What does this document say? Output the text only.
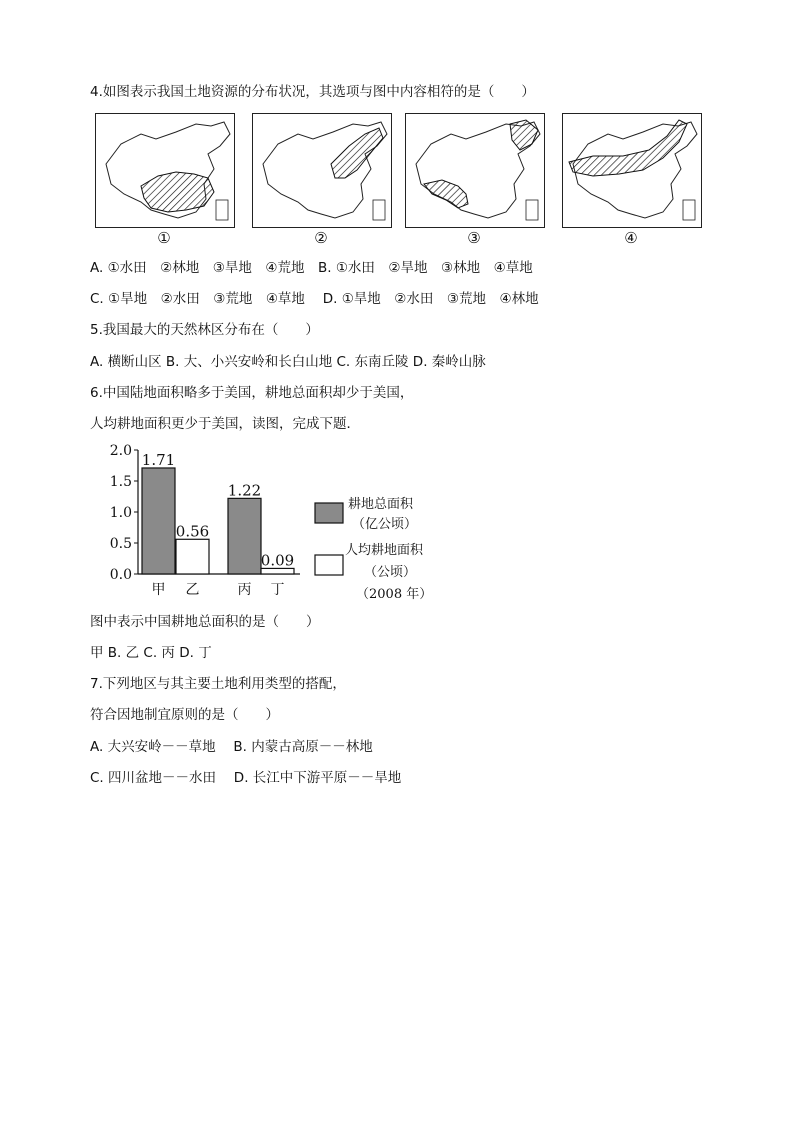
4.如图表示我国土地资源的分布状况，其选项与图中内容相符的是（　　）
①	②	③	④
A. ①水田　②林地　③旱地　④荒地　B. ①水田　②旱地　③林地　④草地
C. ①旱地　②水田　③荒地　④草地　 D. ①旱地　②水田　③荒地　④林地
5.我国最大的天然林区分布在（　　）
A. 横断山区 B. 大、小兴安岭和长白山地 C. 东南丘陵 D. 秦岭山脉
6.中国陆地面积略多于美国，耕地总面积却少于美国，
人均耕地面积更少于美国，读图，完成下题．
2.0
1.5
1.0
0.5
0.0
1.71
甲
0.56
乙
1.22
丙
0.09
丁
耕地总面积
（亿公顷）
人均耕地面积
（公顷）
（2008 年）
图中表示中国耕地总面积的是（　　）
甲 B. 乙 C. 丙 D. 丁
7.下列地区与其主要土地利用类型的搭配，
符合因地制宜原则的是（　　）
A. 大兴安岭－－草地　 B. 内蒙古高原－－林地
C. 四川盆地－－水田　 D. 长江中下游平原－－旱地
